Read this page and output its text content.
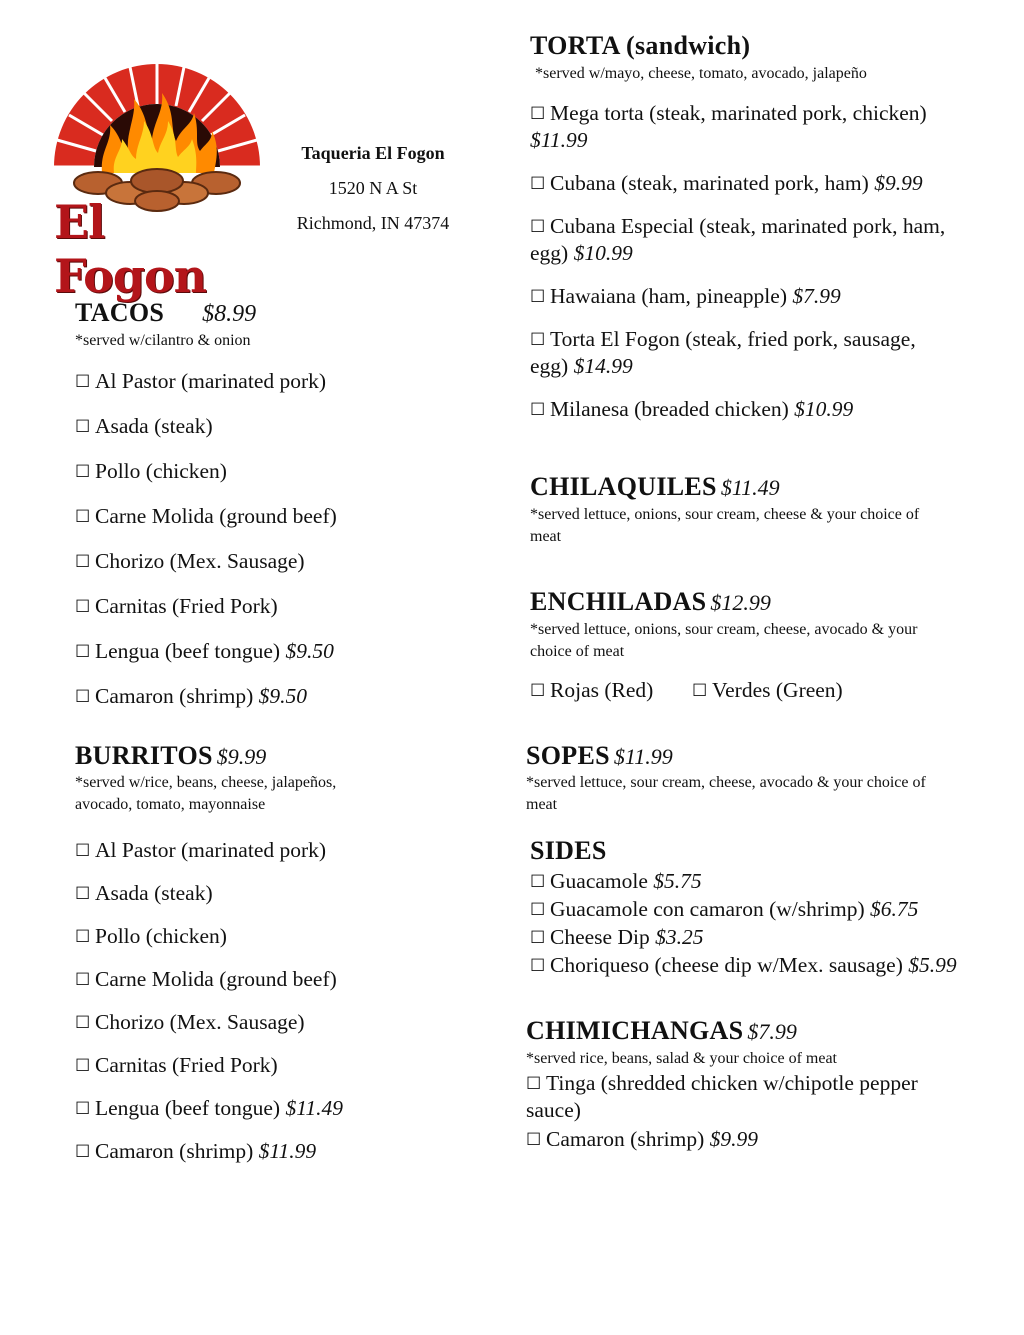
El Fogon
Taqueria El Fogon
1520 N A St
Richmond, IN 47374
TACOS $8.99
*served w/cilantro & onion
☐ Al Pastor (marinated pork)
☐ Asada (steak)
☐ Pollo (chicken)
☐ Carne Molida (ground beef)
☐ Chorizo (Mex. Sausage)
☐ Carnitas (Fried Pork)
☐ Lengua (beef tongue) $9.50
☐ Camaron (shrimp) $9.50
BURRITOS $9.99
*served w/rice, beans, cheese, jalapeños,
avocado, tomato, mayonnaise
☐ Al Pastor (marinated pork)
☐ Asada (steak)
☐ Pollo (chicken)
☐ Carne Molida (ground beef)
☐ Chorizo (Mex. Sausage)
☐ Carnitas (Fried Pork)
☐ Lengua (beef tongue) $11.49
☐ Camaron (shrimp) $11.99
TORTA (sandwich)
*served w/mayo, cheese, tomato, avocado, jalapeño
☐ Mega torta (steak, marinated pork, chicken)
$11.99
☐ Cubana (steak, marinated pork, ham) $9.99
☐ Cubana Especial (steak, marinated pork, ham,
egg) $10.99
☐ Hawaiana (ham, pineapple) $7.99
☐ Torta El Fogon (steak, fried pork, sausage,
egg) $14.99
☐ Milanesa (breaded chicken) $10.99
CHILAQUILES $11.49
*served lettuce, onions, sour cream, cheese & your choice of
meat
ENCHILADAS $12.99
*served lettuce, onions, sour cream, cheese, avocado & your
choice of meat
☐ Rojas (Red) ☐ Verdes (Green)
SOPES $11.99
*served lettuce, sour cream, cheese, avocado & your choice of
meat
SIDES
☐ Guacamole $5.75
☐ Guacamole con camaron (w/shrimp) $6.75
☐ Cheese Dip $3.25
☐ Choriqueso (cheese dip w/Mex. sausage) $5.99
CHIMICHANGAS $7.99
*served rice, beans, salad & your choice of meat
☐ Tinga (shredded chicken w/chipotle pepper
sauce)
☐ Camaron (shrimp) $9.99
